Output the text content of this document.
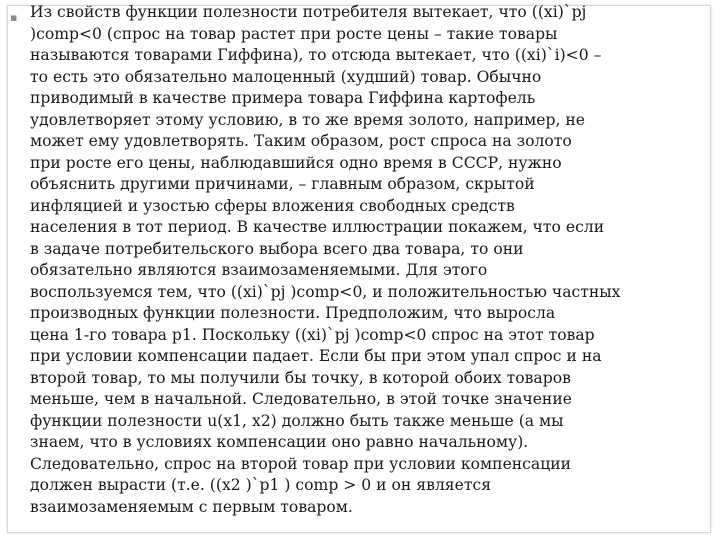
▪ Из свойств функции полезности потребителя вытекает, что ((xi)`pj
)comp<0 (спрос на товар растет при росте цены – такие товары
называются товарами Гиффина), то отсюда вытекает, что ((xi)`i)<0 –
то есть это обязательно малоценный (худший) товар. Обычно
приводимый в качестве примера товара Гиффина картофель
удовлетворяет этому условию, в то же время золото, например, не
может ему удовлетворять. Таким образом, рост спроса на золото
при росте его цены, наблюдавшийся одно время в СССР, нужно
объяснить другими причинами, – главным образом, скрытой
инфляцией и узостью сферы вложения свободных средств
населения в тот период. В качестве иллюстрации покажем, что если
в задаче потребительского выбора всего два товара, то они
обязательно являются взаимозаменяемыми. Для этого
воспользуемся тем, что ((xi)`pj )comp<0, и положительностью частных
производных функции полезности. Предположим, что выросла
цена 1-го товара p1. Поскольку ((xi)`pj )comp<0 спрос на этот товар
при условии компенсации падает. Если бы при этом упал спрос и на
второй товар, то мы получили бы точку, в которой обоих товаров
меньше, чем в начальной. Следовательно, в этой точке значение
функции полезности u(x1, x2) должно быть также меньше (а мы
знаем, что в условиях компенсации оно равно начальному).
Следовательно, спрос на второй товар при условии компенсации
должен вырасти (т.е. ((x2 )`p1 ) comp > 0 и он является
взаимозаменяемым с первым товаром.
